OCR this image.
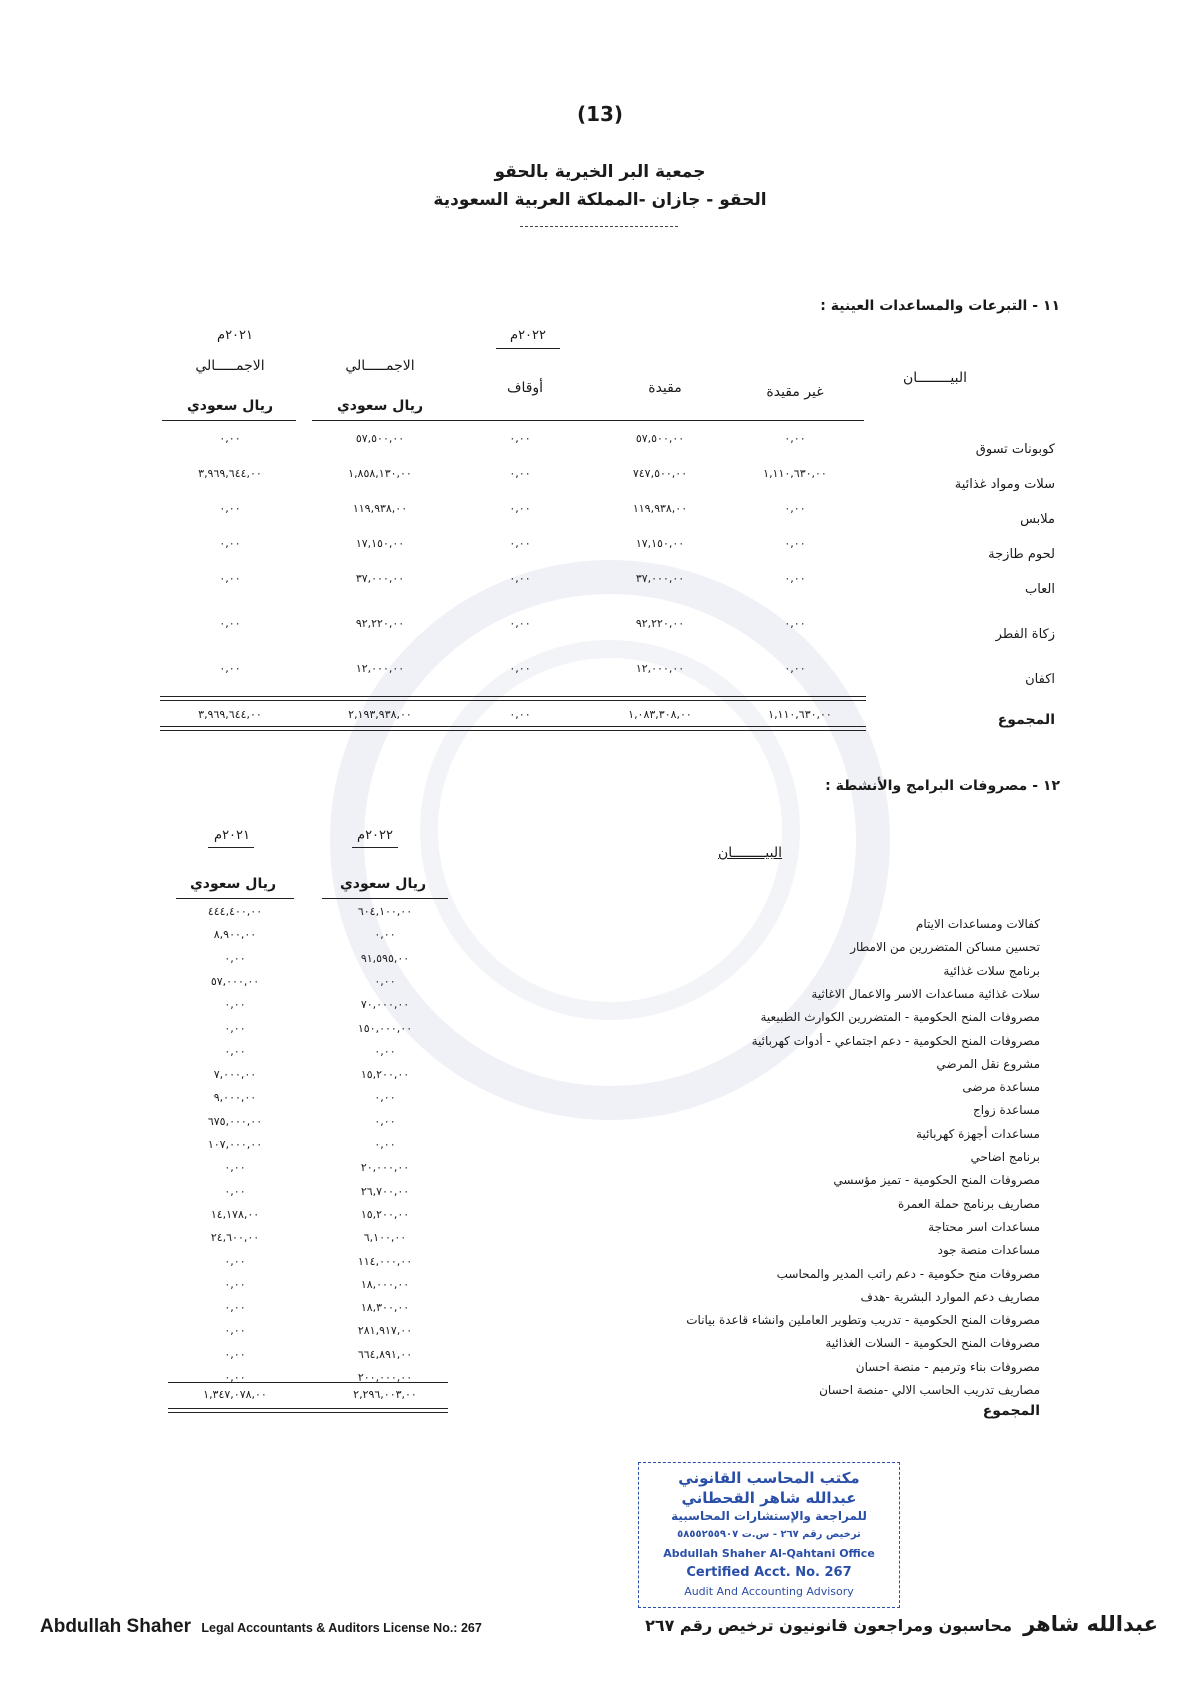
(13)
جمعية البر الخيرية بالحقو
الحقو - جازان -المملكة العربية السعودية
١١ - التبرعات والمساعدات العينية :
٢٠٢١م	٢٠٢٢م
البيــــــــان
غير مقيدة
مقيدة
أوقاف
الاجمـــــالي
الاجمـــــالي
ريال سعودي
ريال سعودي
كوبونات تسوق
٠,٠٠
٥٧,٥٠٠,٠٠
٠,٠٠
٥٧,٥٠٠,٠٠
٠,٠٠
سلات ومواد غذائية
١,١١٠,٦٣٠,٠٠
٧٤٧,٥٠٠,٠٠
٠,٠٠
١,٨٥٨,١٣٠,٠٠
٣,٩٦٩,٦٤٤,٠٠
ملابس
٠,٠٠
١١٩,٩٣٨,٠٠
٠,٠٠
١١٩,٩٣٨,٠٠
٠,٠٠
لحوم طازجة
٠,٠٠
١٧,١٥٠,٠٠
٠,٠٠
١٧,١٥٠,٠٠
٠,٠٠
العاب
٠,٠٠
٣٧,٠٠٠,٠٠
٠,٠٠
٣٧,٠٠٠,٠٠
٠,٠٠
زكاة الفطر
٠,٠٠
٩٢,٢٢٠,٠٠
٠,٠٠
٩٢,٢٢٠,٠٠
٠,٠٠
اكفان
٠,٠٠
١٢,٠٠٠,٠٠
٠,٠٠
١٢,٠٠٠,٠٠
٠,٠٠
المجموع
١,١١٠,٦٣٠,٠٠
١,٠٨٣,٣٠٨,٠٠
٠,٠٠
٢,١٩٣,٩٣٨,٠٠
٣,٩٦٩,٦٤٤,٠٠
١٢ - مصروفات البرامج والأنشطة :
٢٠٢٢م
٢٠٢١م
البيــــــــان
ريال سعودي
ريال سعودي
كفالات ومساعدات الايتام
٦٠٤,١٠٠,٠٠
٤٤٤,٤٠٠,٠٠
تحسين مساكن المتضررين من الامطار
٠,٠٠
٨,٩٠٠,٠٠
برنامج سلات غذائية
٩١,٥٩٥,٠٠
٠,٠٠
سلات غذائية مساعدات الاسر والاعمال الاغاثية
٠,٠٠
٥٧,٠٠٠,٠٠
مصروفات المنح الحكومية - المتضررين الكوارث الطبيعية
٧٠,٠٠٠,٠٠
٠,٠٠
مصروفات المنح الحكومية - دعم اجتماعي - أدوات كهربائية
١٥٠,٠٠٠,٠٠
٠,٠٠
مشروع نقل المرضي
٠,٠٠
٠,٠٠
مساعدة مرضى
١٥,٢٠٠,٠٠
٧,٠٠٠,٠٠
مساعدة زواج
٠,٠٠
٩,٠٠٠,٠٠
مساعدات أجهزة كهربائية
٠,٠٠
٦٧٥,٠٠٠,٠٠
برنامج اضاحي
٠,٠٠
١٠٧,٠٠٠,٠٠
مصروفات المنح الحكومية - تميز مؤسسي
٢٠,٠٠٠,٠٠
٠,٠٠
مصاريف برنامج حملة العمرة
٢٦,٧٠٠,٠٠
٠,٠٠
مساعدات اسر محتاجة
١٥,٢٠٠,٠٠
١٤,١٧٨,٠٠
مساعدات منصة جود
٦,١٠٠,٠٠
٢٤,٦٠٠,٠٠
مصروفات منح حكومية - دعم راتب المدير والمحاسب
١١٤,٠٠٠,٠٠
٠,٠٠
مصاريف دعم الموارد البشرية -هدف
١٨,٠٠٠,٠٠
٠,٠٠
مصروفات المنح الحكومية - تدريب وتطوير العاملين وانشاء قاعدة بيانات
١٨,٣٠٠,٠٠
٠,٠٠
مصروفات المنح الحكومية - السلات الغذائية
٢٨١,٩١٧,٠٠
٠,٠٠
مصروفات بناء وترميم - منصة احسان
٦٦٤,٨٩١,٠٠
٠,٠٠
مصاريف تدريب الحاسب الالي -منصة احسان
٢٠٠,٠٠٠,٠٠
٠,٠٠
المجموع
٢,٢٩٦,٠٠٣,٠٠
١,٣٤٧,٠٧٨,٠٠
مكتب المحاسب القانوني
عبدالله شاهر القحطاني
للمراجعة والإستشارات المحاسبية
ترخيص رقم ٢٦٧ - س.ت ٥٨٥٥٢٥٥٩٠٧
Abdullah Shaher Al-Qahtani Office
Certified Acct. No. 267
Audit And Accounting Advisory
Abdullah Shaher Legal Accountants & Auditors License No.: 267	عبدالله شاهر محاسبون ومراجعون قانونيون ترخيص رقم ٢٦٧
